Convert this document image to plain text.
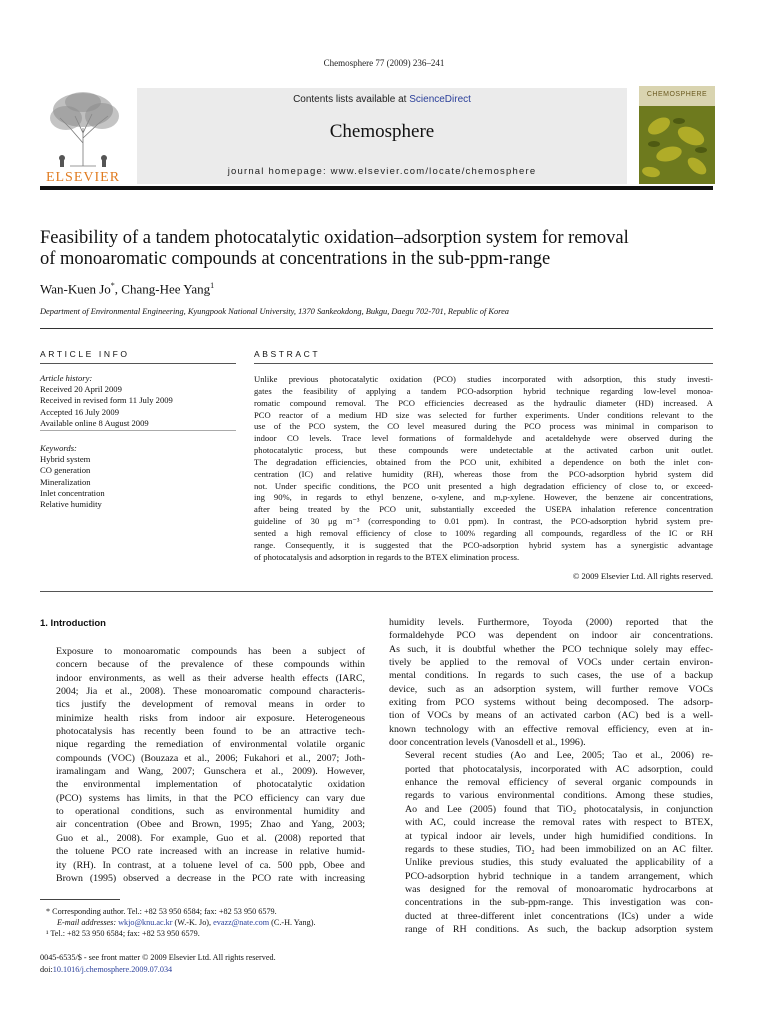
Chemosphere 77 (2009) 236–241
ELSEVIER
Contents lists available at ScienceDirect
Chemosphere
journal homepage: www.elsevier.com/locate/chemosphere
CHEMOSPHERE
Feasibility of a tandem photocatalytic oxidation–adsorption system for removal
of monoaromatic compounds at concentrations in the sub-ppm-range
Wan-Kuen Jo*, Chang-Hee Yang$^1$
Department of Environmental Engineering, Kyungpook National University, 1370 Sankeokdong, Bukgu, Daegu 702-701, Republic of Korea
ARTICLE INFO
Article history:
Received 20 April 2009
Received in revised form 11 July 2009
Accepted 16 July 2009
Available online 8 August 2009
Keywords:
Hybrid system
CO generation
Mineralization
Inlet concentration
Relative humidity
ABSTRACT
Unlike previous photocatalytic oxidation (PCO) studies incorporated with adsorption, this study investi-
gates the feasibility of applying a tandem PCO-adsorption hybrid technique regarding low-level monoa-
romatic compound removal. The PCO efficiencies decreased as the hydraulic diameter (HD) increased. A
PCO reactor of a medium HD size was selected for further experiments. Under conditions relevant to the
use of the PCO system, the CO level measured during the PCO process was minimal in comparison to
indoor CO levels. Trace level formations of formaldehyde and acetaldehyde were observed during the
photocatalytic process, but these compounds were undetectable at the activated carbon unit outlet.
The degradation efficiencies, obtained from the PCO unit, exhibited a dependence on both the inlet con-
centration (IC) and relative humidity (RH), whereas those from the PCO-adsorption hybrid system did
not. Under specific conditions, the PCO unit presented a high degradation efficiency of close to, or exceed-
ing 90%, in regards to ethyl benzene, o-xylene, and m,p-xylene. However, the benzene air concentrations,
after being treated by the PCO unit, substantially exceeded the USEPA inhalation reference concentration
guideline of 30 μg m⁻³ (corresponding to 0.01 ppm). In contrast, the PCO-adsorption hybrid system pre-
sented a high removal efficiency of close to 100% regarding all compounds, regardless of the IC or RH
range. Consequently, it is suggested that the PCO-adsorption hybrid system has a synergistic advantage
of photocatalysis and adsorption in regards to the BTEX elimination process.
© 2009 Elsevier Ltd. All rights reserved.
1. Introduction

Exposure to monoaromatic compounds has been a subject of
concern because of the prevalence of these compounds within
indoor environments, as well as their adverse health effects (IARC,
2004; Jia et al., 2008). These monoaromatic compound characteris-
tics justify the development of removal means in order to
minimize health risks from indoor air exposure. Heterogeneous
photocatalysis has recently been found to be an attractive tech-
nique regarding the remediation of environmental volatile organic
compounds (VOC) (Bouzaza et al., 2006; Fukahori et al., 2007; Joth-
iramalingam and Wang, 2007; Gunschera et al., 2009). However,
the environmental implementation of photocatalytic oxidation
(PCO) systems has limits, in that the PCO efficiency can vary due
to operational conditions, such as environmental humidity and
air concentration (Obee and Brown, 1995; Zhao and Yang, 2003;
Guo et al., 2008). For example, Guo et al. (2008) reported that
the toluene PCO rate increased with an increase in relative humid-
ity (RH). In contrast, at a toluene level of ca. 500 ppb, Obee and
Brown (1995) observed a decrease in the PCO rate with increasing

humidity levels. Furthermore, Toyoda (2000) reported that the
formaldehyde PCO was dependent on indoor air concentrations.
As such, it is doubtful whether the PCO technique solely may effec-
tively be applied to the removal of VOCs under certain environ-
mental conditions. In regards to such cases, the use of a backup
device, such as an adsorption system, will further remove VOCs
exiting from PCO systems without being decomposed. The adsorp-
tion of VOCs by means of an activated carbon (AC) bed is a well-
known technology with an effective removal efficiency, even at in-
door concentration levels (Vanosdell et al., 1996).

Several recent studies (Ao and Lee, 2005; Tao et al., 2006) re-
ported that photocatalysis, incorporated with AC adsorption, could
enhance the removal efficiency of several organic compounds in
regards to various environmental conditions. Among these studies,
Ao and Lee (2005) found that TiO₂ photocatalysis, in conjunction
with AC, could increase the removal rates with respect to BTEX,
at typical indoor air levels, under high humidified conditions. In
regards to these studies, TiO₂ had been immobilized on an AC filter.
Unlike previous studies, this study evaluated the applicability of a
PCO-adsorption hybrid technique in a tandem arrangement, which
was designed for the removal of monoaromatic hydrocarbons at
concentrations in the sub-ppm-range. This investigation was con-
ducted at three-different inlet concentrations (ICs) under a wide
range of RH conditions. As such, the backup adsorption system

* Corresponding author. Tel.: +82 53 950 6584; fax: +82 53 950 6579.
E-mail addresses: wkjo@knu.ac.kr (W.-K. Jo), evazz@nate.com (C.-H. Yang).
¹ Tel.: +82 53 950 6584; fax: +82 53 950 6579.
0045-6535/$ - see front matter © 2009 Elsevier Ltd. All rights reserved.
doi:10.1016/j.chemosphere.2009.07.034
